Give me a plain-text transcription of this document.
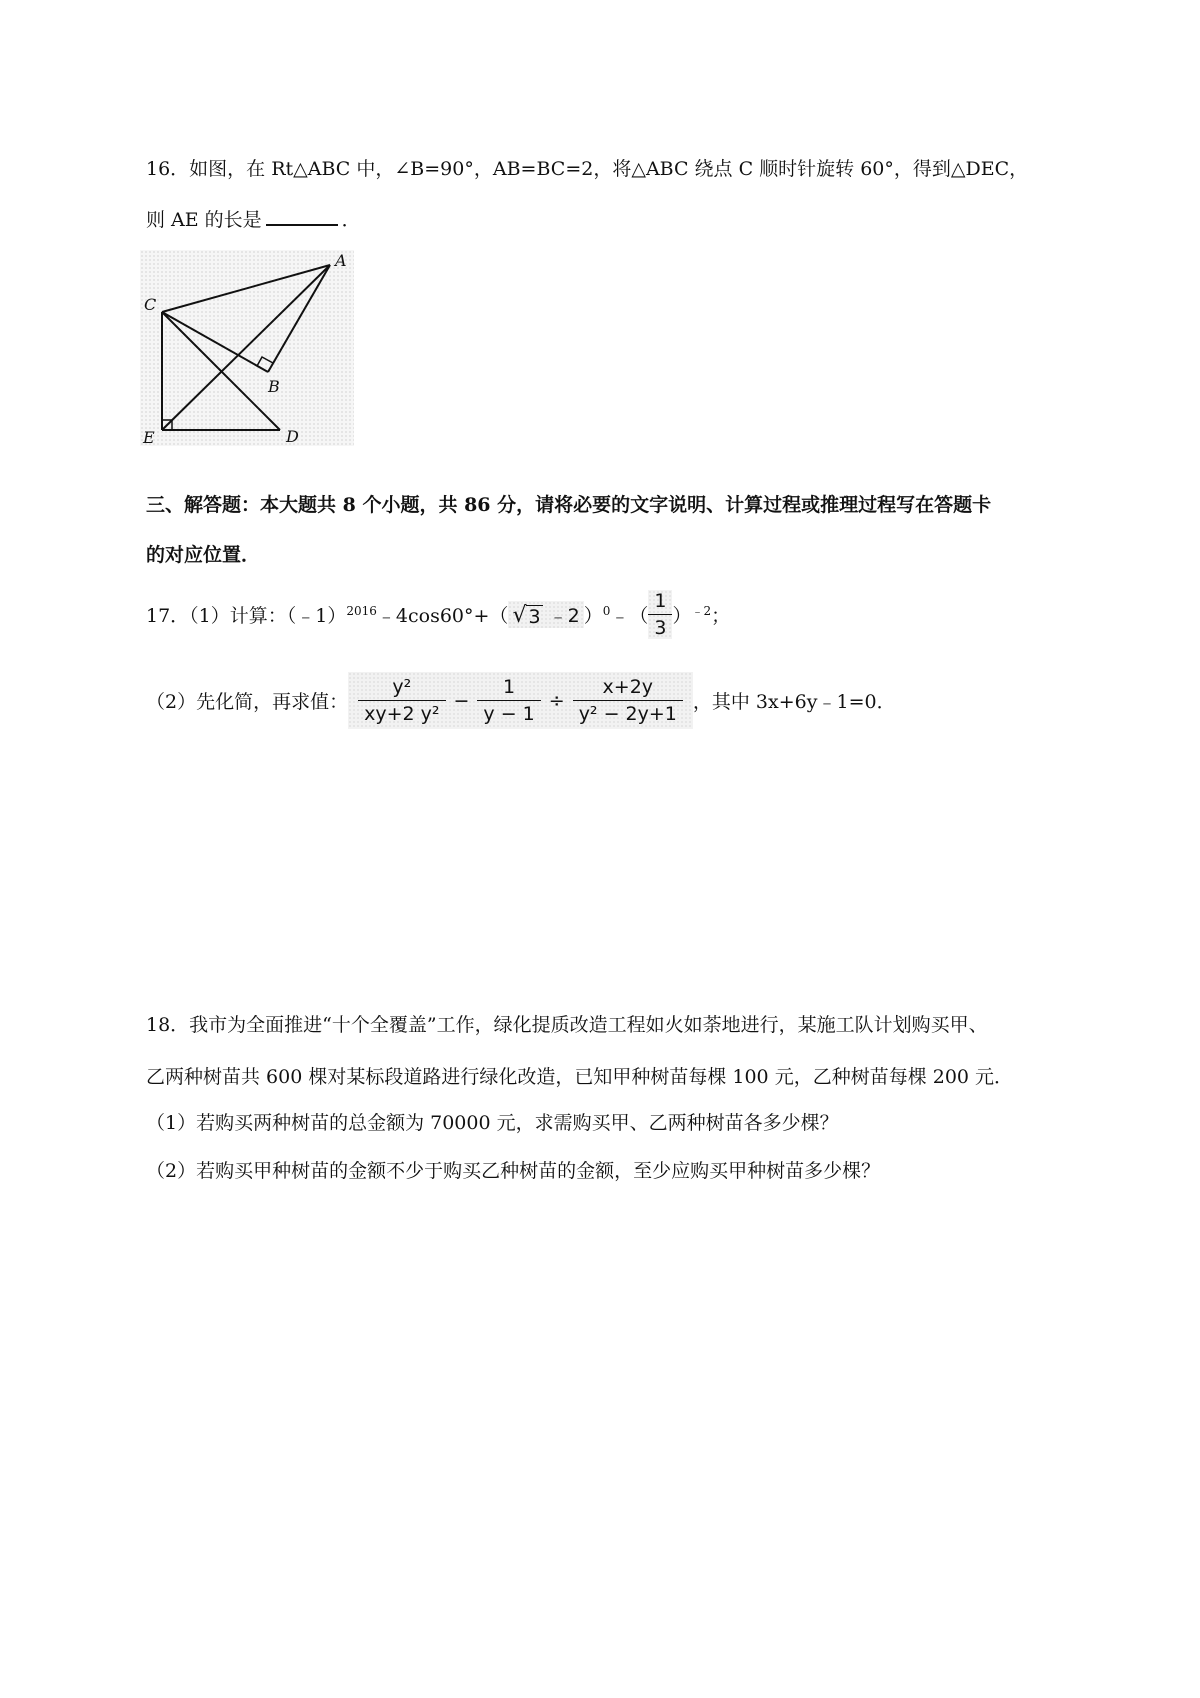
16．如图，在 Rt△ABC 中，∠B=90°，AB=BC=2，将△ABC 绕点 C 顺时针旋转 60°，得到△DEC，
则 AE 的长是	．
A
B
C
D
E
三、解答题：本大题共 8 个小题，共 86 分，请将必要的文字说明、计算过程或推理过程写在答题卡
的对应位置．
17．（1）计算：（﹣1）$^{2016}$ ﹣4cos60°+（ √ 3 ﹣2 ）$^0$ ﹣（ $\frac{1}{3} )^{﹣2}$ ；
（2）先化简，再求值： $\frac{\text{y²}}{\text{xy+2 y²}} - \frac{1}{y - 1} \div \frac{x+2y}{\text{y² − 2y+1}}$ ，其中 3x+6y﹣1=0．
18．我市为全面推进“十个全覆盖”工作，绿化提质改造工程如火如荼地进行，某施工队计划购买甲、
乙两种树苗共 600 棵对某标段道路进行绿化改造，已知甲种树苗每棵 100 元，乙种树苗每棵 200 元．
（1）若购买两种树苗的总金额为 70000 元，求需购买甲、乙两种树苗各多少棵？
（2）若购买甲种树苗的金额不少于购买乙种树苗的金额，至少应购买甲种树苗多少棵？
